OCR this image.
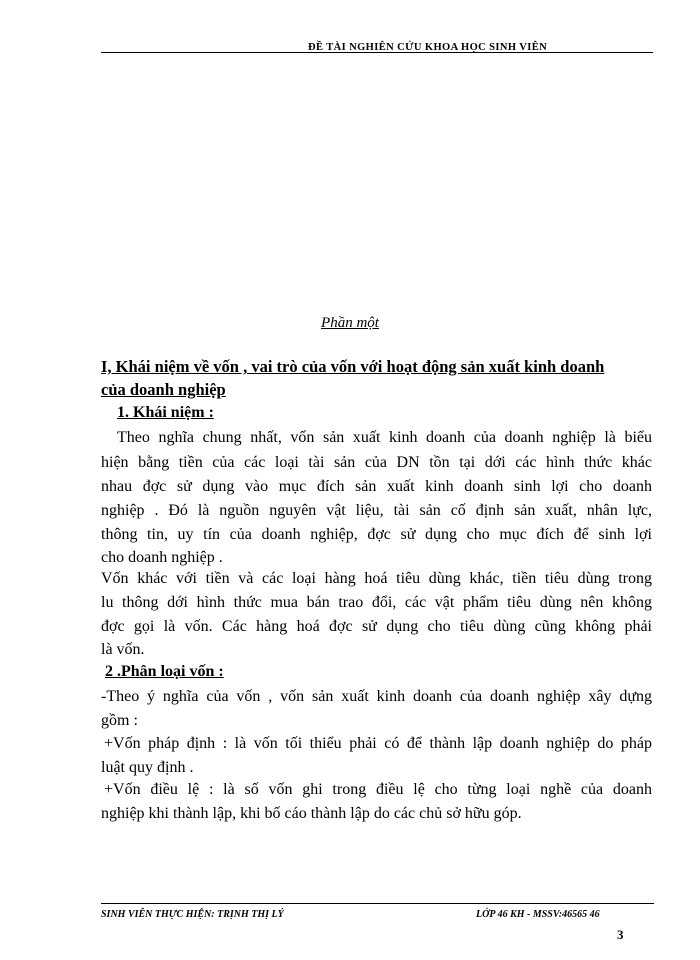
ĐỀ TÀI NGHIÊN CỨU KHOA HỌC SINH VIÊN
Phần một
I, Khái niệm về vốn , vai trò của vốn với hoạt động sản xuất kinh doanh
của doanh nghiệp
1. Khái niệm :
Theo nghĩa chung nhất, vốn sản xuất kinh doanh của doanh nghiệp là biểu
hiện bằng tiền của các loại tài sản của DN tồn tại dới các hình thức khác
nhau đợc sử dụng vào mục đích sản xuất kinh doanh sinh lợi cho doanh
nghiệp . Đó là nguồn nguyên vật liệu, tài sản cố định sản xuất, nhân lực,
thông tin, uy tín của doanh nghiệp, đợc sử dụng cho mục đích để sinh lợi
cho doanh nghiệp .
Vốn khác với tiền và các loại hàng hoá tiêu dùng khác, tiền tiêu dùng trong
lu thông dới hình thức mua bán trao đổi, các vật phẩm tiêu dùng nên không
đợc gọi là vốn. Các hàng hoá đợc sử dụng cho tiêu dùng cũng không phải
là vốn.
2 .Phân loại vốn :
-Theo ý nghĩa của vốn , vốn sản xuất kinh doanh của doanh nghiệp xây dựng
gồm :
+Vốn pháp định : là vốn tối thiểu phải có để thành lập doanh nghiệp do pháp
luật quy định .
+Vốn điều lệ : là số vốn ghi trong điều lệ cho từng loại nghề của doanh
nghiệp khi thành lập, khi bố cáo thành lập do các chủ sở hữu góp.
SINH VIÊN THỰC HIỆN: TRỊNH THỊ LÝ	LỚP 46 KH - MSSV:46565 46
3
